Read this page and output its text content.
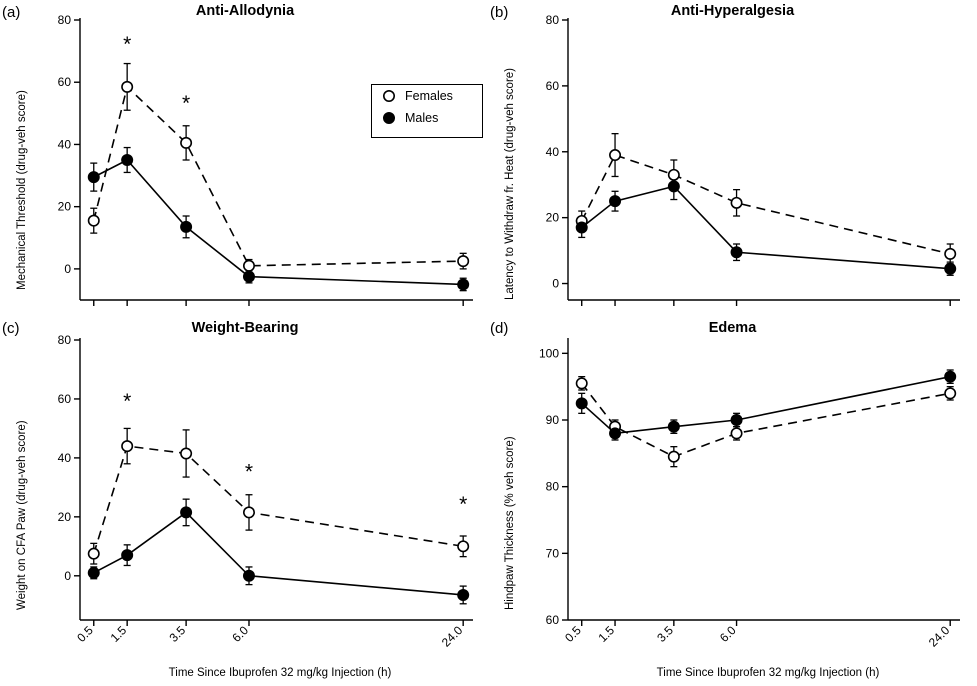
(a)	Anti-Allodynia
Mechanical Threshold (drug-veh score)	0
20
40
60
80
*
*
(b)	Anti-Hyperalgesia
Latency to Withdraw fr. Heat (drug-veh score)	0
20
40
60
80
(c)	Weight-Bearing
Weight on CFA Paw (drug-veh score)
Time Since Ibuprofen 32 mg/kg Injection (h)
0
20
40
60
80
0.5 1.5	3.5	6.0	24.0
*
*
*
(d)	Edema
Hindpaw Thickness (% veh score)
Time Since Ibuprofen 32 mg/kg Injection (h)
60
70
80
90
100
0.5 1.5	3.5	6.0	24.0
Females
Males
